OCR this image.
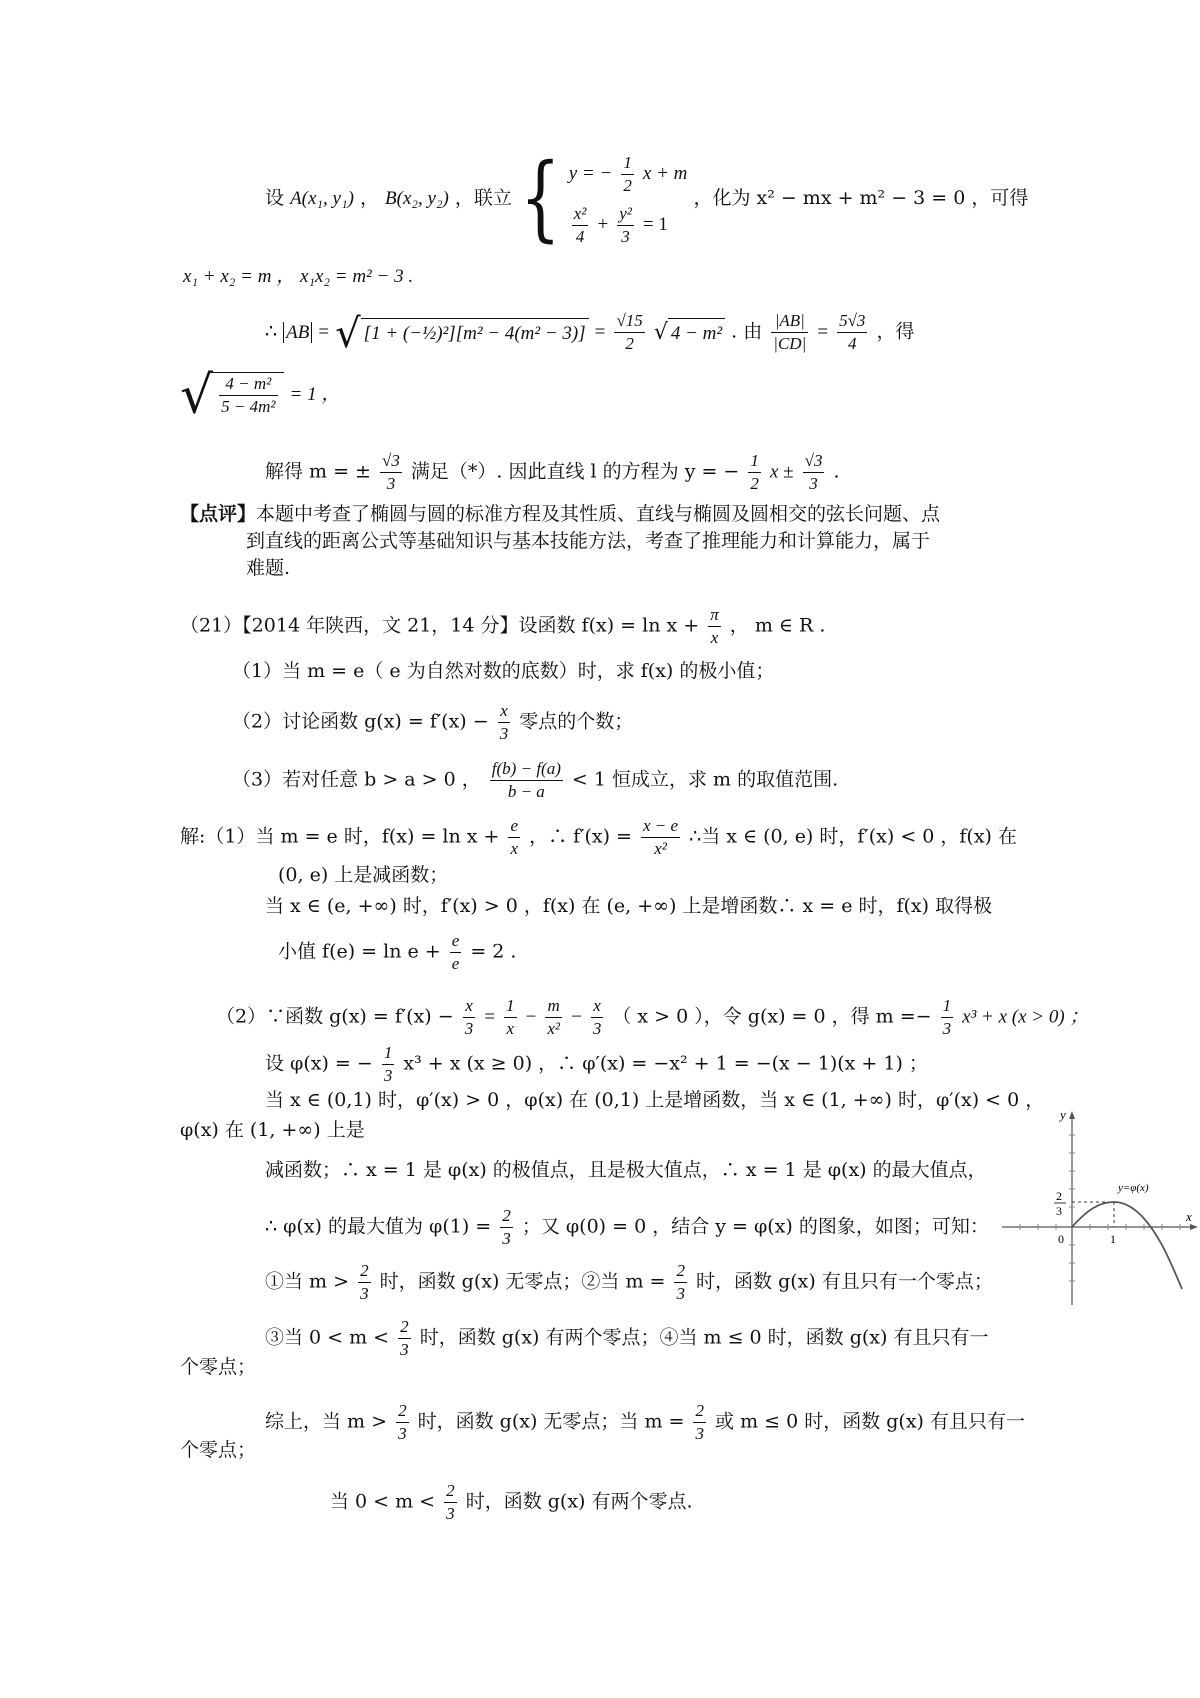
设 A(x₁, y₁) ， B(x₂, y₂) ，联立 { y = − $\frac{1}{2}$ x + m
$\frac{\text{x²}}{4} + \frac{\text{y²}}{3} = 1$
，化为 x² − mx + m² − 3 = 0 ，可得
x₁ + x₂ = m ， x₁x₂ = m² − 3 .
∴ AB = √ [1 + (−½)²][m² − $4(m^2 - 3)] = \frac{√15}{2}$ √ 4 − m² . 由 $\frac{|AB|}{|CD|} = \frac{5√3}{4}$ ，得
√ $\frac{\text{4 − m²}}{\text{5 − 4m²}} = 1$ ，
解得 m = ± $\frac{√3}{3}$ 满足（*）. 因此直线 l 的方程为 y = − $\frac{1}{2}$ $x \pm \frac{√3}{3}$ .
【点评】本题中考查了椭圆与圆的标准方程及其性质、直线与椭圆及圆相交的弦长问题、点
到直线的距离公式等基础知识与基本技能方法，考查了推理能力和计算能力，属于
难题.
（21）【2014 年陕西，文 21，14 分】设函数 $f(x) = \ln x + \frac{\pi}{x}$ ， m ∈ R .
（1）当 m = e（ e 为自然对数的底数）时，求 f(x) 的极小值；
（2）讨论函数 $g(x) = f'(x) - \frac{x}{3}$ 零点的个数；
（3）若对任意 b > a > 0 ， $\frac{f(b) - f(a)}{b - a} < 1$ 恒成立，求 m 的取值范围.
解:（1）当 m = e 时，$f(x) = \ln x + \frac{e}{x}$ ，∴ $f'(x) = \frac{x - e}{\text{x²}}$ ∴当 x ∈ (0, e) 时，f′(x) < 0 ，f(x) 在
(0, e) 上是减函数；
当 x ∈ (e, +∞) 时，f′(x) > 0 ，f(x) 在 (e, +∞) 上是增函数∴ x = e 时，f(x) 取得极
小值 $f(e) = \ln e + \frac{e}{e} = 2$ .
（2）∵函数 $g(x) = f'(x) - \frac{x}{3} = \frac{1}{x} - \frac{m}{\text{x²}} - \frac{x}{3}$ （ x > 0 ），令 g(x) = 0 ，得 $m =- \frac{1}{3} x^3 + x$ (x > 0) ；
设 φ(x) = − $\frac{1}{3} x^3 + x$ (x ≥ 0) ，∴ φ′(x) = −x² + 1 = −(x − 1)(x + 1) ；
当 x ∈ (0,1) 时，φ′(x) > 0 ，φ(x) 在 (0,1) 上是增函数，当 x ∈ (1, +∞) 时，φ′(x) < 0 ，
φ(x) 在 (1, +∞) 上是
减函数；∴ x = 1 是 φ(x) 的极值点，且是极大值点，∴ x = 1 是 φ(x) 的最大值点，
∴ φ(x) 的最大值为 $\varphi(1) = \frac{2}{3}$ ；又 φ(0) = 0 ，结合 y = φ(x) 的图象，如图；可知：
①当 $m > \frac{2}{3}$ 时，函数 g(x) 无零点；②当 $m = \frac{2}{3}$ 时，函数 g(x) 有且只有一个零点；
③当 $0 < m < \frac{2}{3}$ 时，函数 g(x) 有两个零点；④当 m ≤ 0 时，函数 g(x) 有且只有一
个零点；
综上，当 $m > \frac{2}{3}$ 时，函数 g(x) 无零点；当 $m = \frac{2}{3}$ 或 m ≤ 0 时，函数 g(x) 有且只有一
个零点；
当 $0 < m < \frac{2}{3}$ 时，函数 g(x) 有两个零点.
y
x
y=φ(x)
0	1
2
3
